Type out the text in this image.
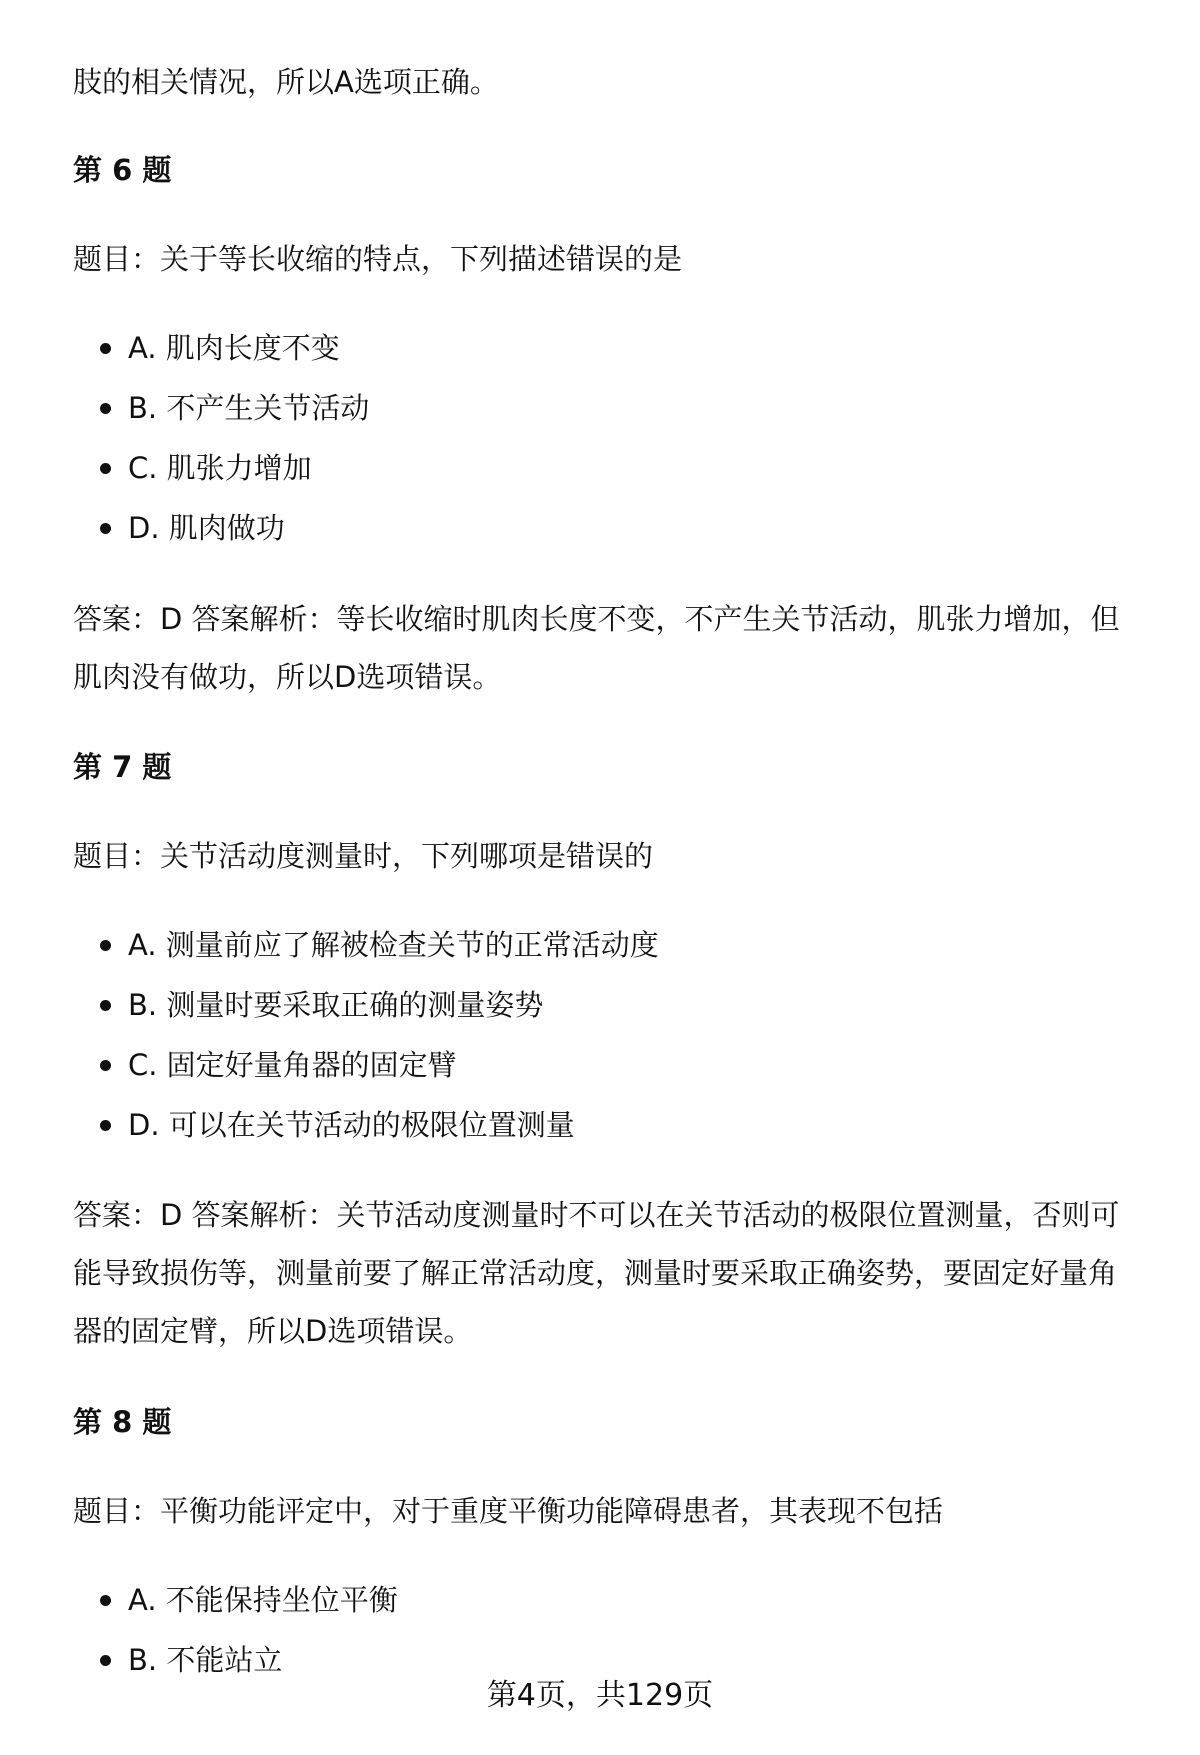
肢的相关情况，所以A选项正确。

第 6 题

题目：关于等长收缩的特点，下列描述错误的是

A. 肌肉长度不变
B. 不产生关节活动
C. 肌张力增加
D. 肌肉做功

答案：D 答案解析：等长收缩时肌肉长度不变，不产生关节活动，肌张力增加，但

肌肉没有做功，所以D选项错误。

第 7 题

题目：关节活动度测量时，下列哪项是错误的

A. 测量前应了解被检查关节的正常活动度
B. 测量时要采取正确的测量姿势
C. 固定好量角器的固定臂
D. 可以在关节活动的极限位置测量

答案：D 答案解析：关节活动度测量时不可以在关节活动的极限位置测量，否则可

能导致损伤等，测量前要了解正常活动度，测量时要采取正确姿势，要固定好量角

器的固定臂，所以D选项错误。

第 8 题

题目：平衡功能评定中，对于重度平衡功能障碍患者，其表现不包括

A. 不能保持坐位平衡
B. 不能站立
第4页，共129页
